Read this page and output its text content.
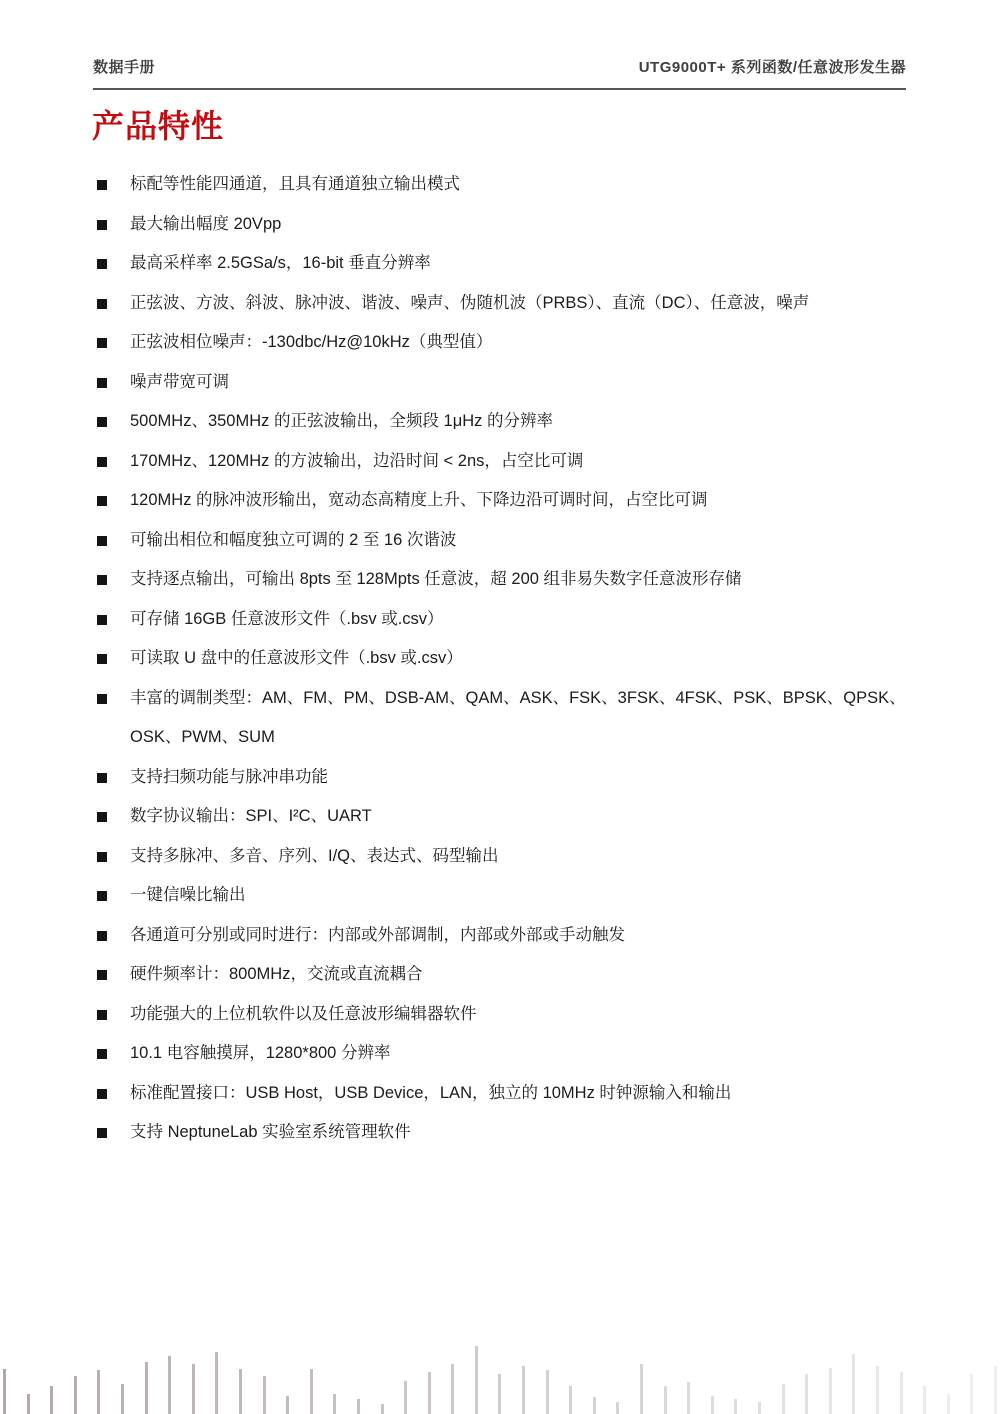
数据手册	UTG9000T+ 系列函数/任意波形发生器
产品特性
标配等性能四通道，且具有通道独立输出模式
最大输出幅度 20Vpp
最高采样率 2.5GSa/s，16-bit 垂直分辨率
正弦波、方波、斜波、脉冲波、谐波、噪声、伪随机波（PRBS）、直流（DC）、任意波，噪声
正弦波相位噪声：-130dbc/Hz@10kHz（典型值）
噪声带宽可调
500MHz、350MHz 的正弦波输出，全频段 1μHz 的分辨率
170MHz、120MHz 的方波输出，边沿时间 < 2ns，占空比可调
120MHz 的脉冲波形输出，宽动态高精度上升、下降边沿可调时间，占空比可调
可输出相位和幅度独立可调的 2 至 16 次谐波
支持逐点输出，可输出 8pts 至 128Mpts 任意波，超 200 组非易失数字任意波形存储
可存储 16GB 任意波形文件（.bsv 或.csv）
可读取 U 盘中的任意波形文件（.bsv 或.csv）
丰富的调制类型：AM、FM、PM、DSB-AM、QAM、ASK、FSK、3FSK、4FSK、PSK、BPSK、QPSK、OSK、PWM、SUM
支持扫频功能与脉冲串功能
数字协议输出：SPI、I²C、UART
支持多脉冲、多音、序列、I/Q、表达式、码型输出
一键信噪比输出
各通道可分别或同时进行：内部或外部调制，内部或外部或手动触发
硬件频率计：800MHz，交流或直流耦合
功能强大的上位机软件以及任意波形编辑器软件
10.1 电容触摸屏，1280*800 分辨率
标准配置接口：USB Host，USB Device，LAN，独立的 10MHz 时钟源输入和输出
支持 NeptuneLab 实验室系统管理软件
